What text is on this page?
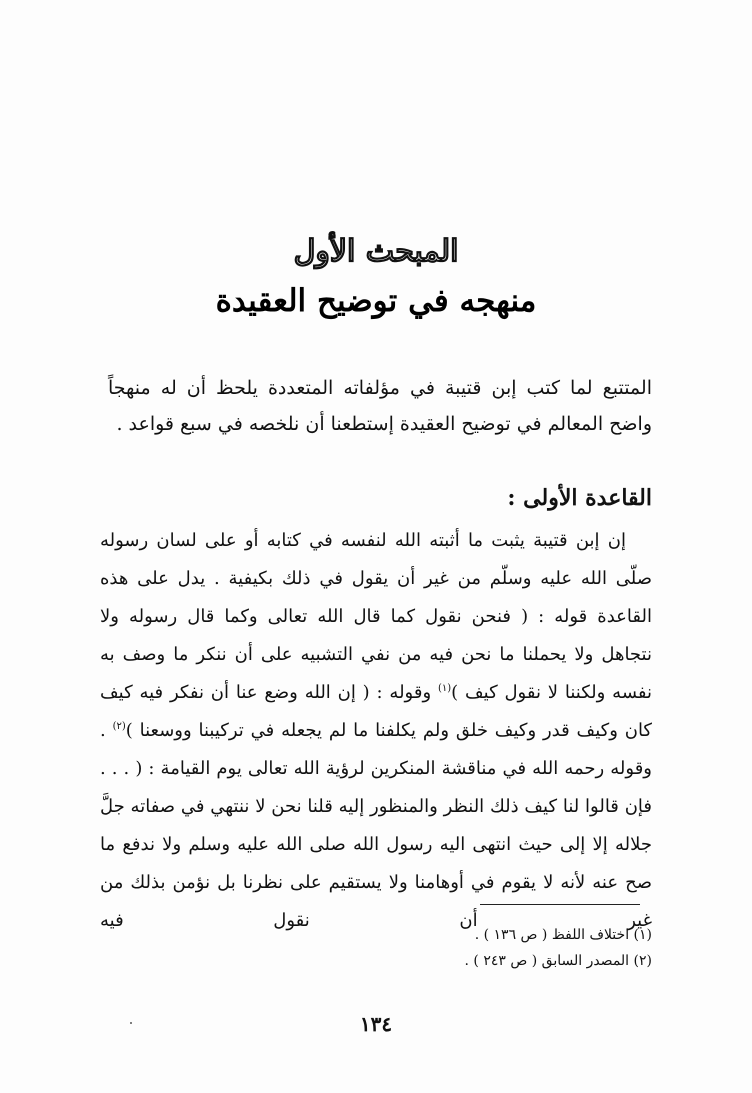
المبحث الأول
منهجه في توضيح العقيدة
المتتبع لما كتب إبن قتيبة في مؤلفاته المتعددة يلحظ أن له منهجاً واضح المعالم في توضيح العقيدة إستطعنا أن نلخصه في سبع قواعد .
القاعدة الأولى :

إن إبن قتيبة يثبت ما أثبته الله لنفسه في كتابه أو على لسان رسوله صلّى الله عليه وسلّم من غير أن يقول في ذلك بكيفية . يدل على هذه القاعدة قوله : ( فنحن نقول كما قال الله تعالى وكما قال رسوله ولا نتجاهل ولا يحملنا ما نحن فيه من نفي التشبيه على أن ننكر ما وصف به نفسه ولكننا لا نقول كيف )$^{(١)}$ وقوله : ( إن الله وضع عنا أن نفكر فيه كيف كان وكيف قدر وكيف خلق ولم يكلفنا ما لم يجعله في تركيبنا ووسعنا )$^{(٢)}$ . وقوله رحمه الله في مناقشة المنكرين لرؤية الله تعالى يوم القيامة : ( . . . فإن قالوا لنا كيف ذلك النظر والمنظور إليه قلنا نحن لا ننتهي في صفاته جلَّ جلاله إلا إلى حيث انتهى اليه رسول الله صلى الله عليه وسلم ولا ندفع ما صح عنه لأنه لا يقوم في أوهامنا ولا يستقيم على نظرنا بل نؤمن بذلك من غير أن نقول فيه

(١) اختلاف اللفظ ( ص ١٣٦ ) .
(٢) المصدر السابق ( ص ٢٤٣ ) .
١٣٤
